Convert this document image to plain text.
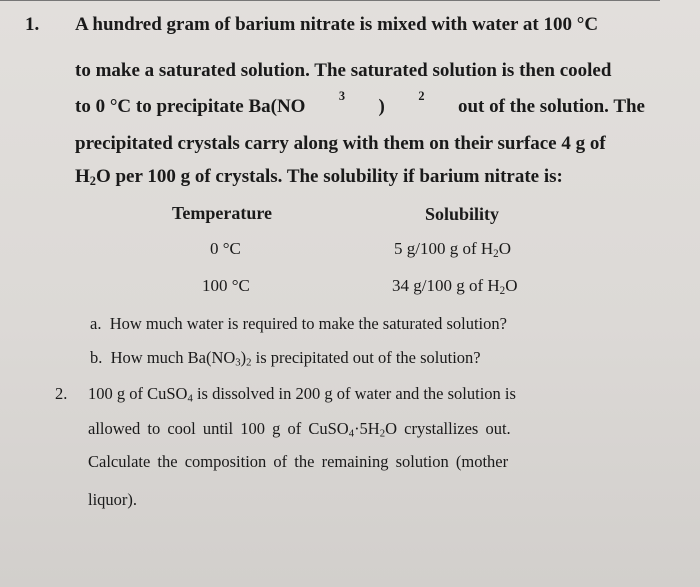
1. A hundred gram of barium nitrate is mixed with water at 100 °C
to make a saturated solution. The saturated solution is then cooled
to 0 °C to precipitate Ba(NO	3 )	2 out of the solution. The
precipitated crystals carry along with them on their surface 4 g of
$H_2O$ per 100 g of crystals. The solubility if barium nitrate is:
Temperature	Solubility
0 °C	5 g/100 g of $H_2O$
100 °C	34 g/100 g of $H_2O$
a. How much water is required to make the saturated solution?
b. How much $Ba(NO_3)_2$ is precipitated out of the solution?
2. 100 g of CuSO$_4$ is dissolved in 200 g of water and the solution is
allowed to cool until 100 g of $CuSO_4\cdot 5H_2O$ crystallizes out.
Calculate the composition of the remaining solution (mother
liquor).
